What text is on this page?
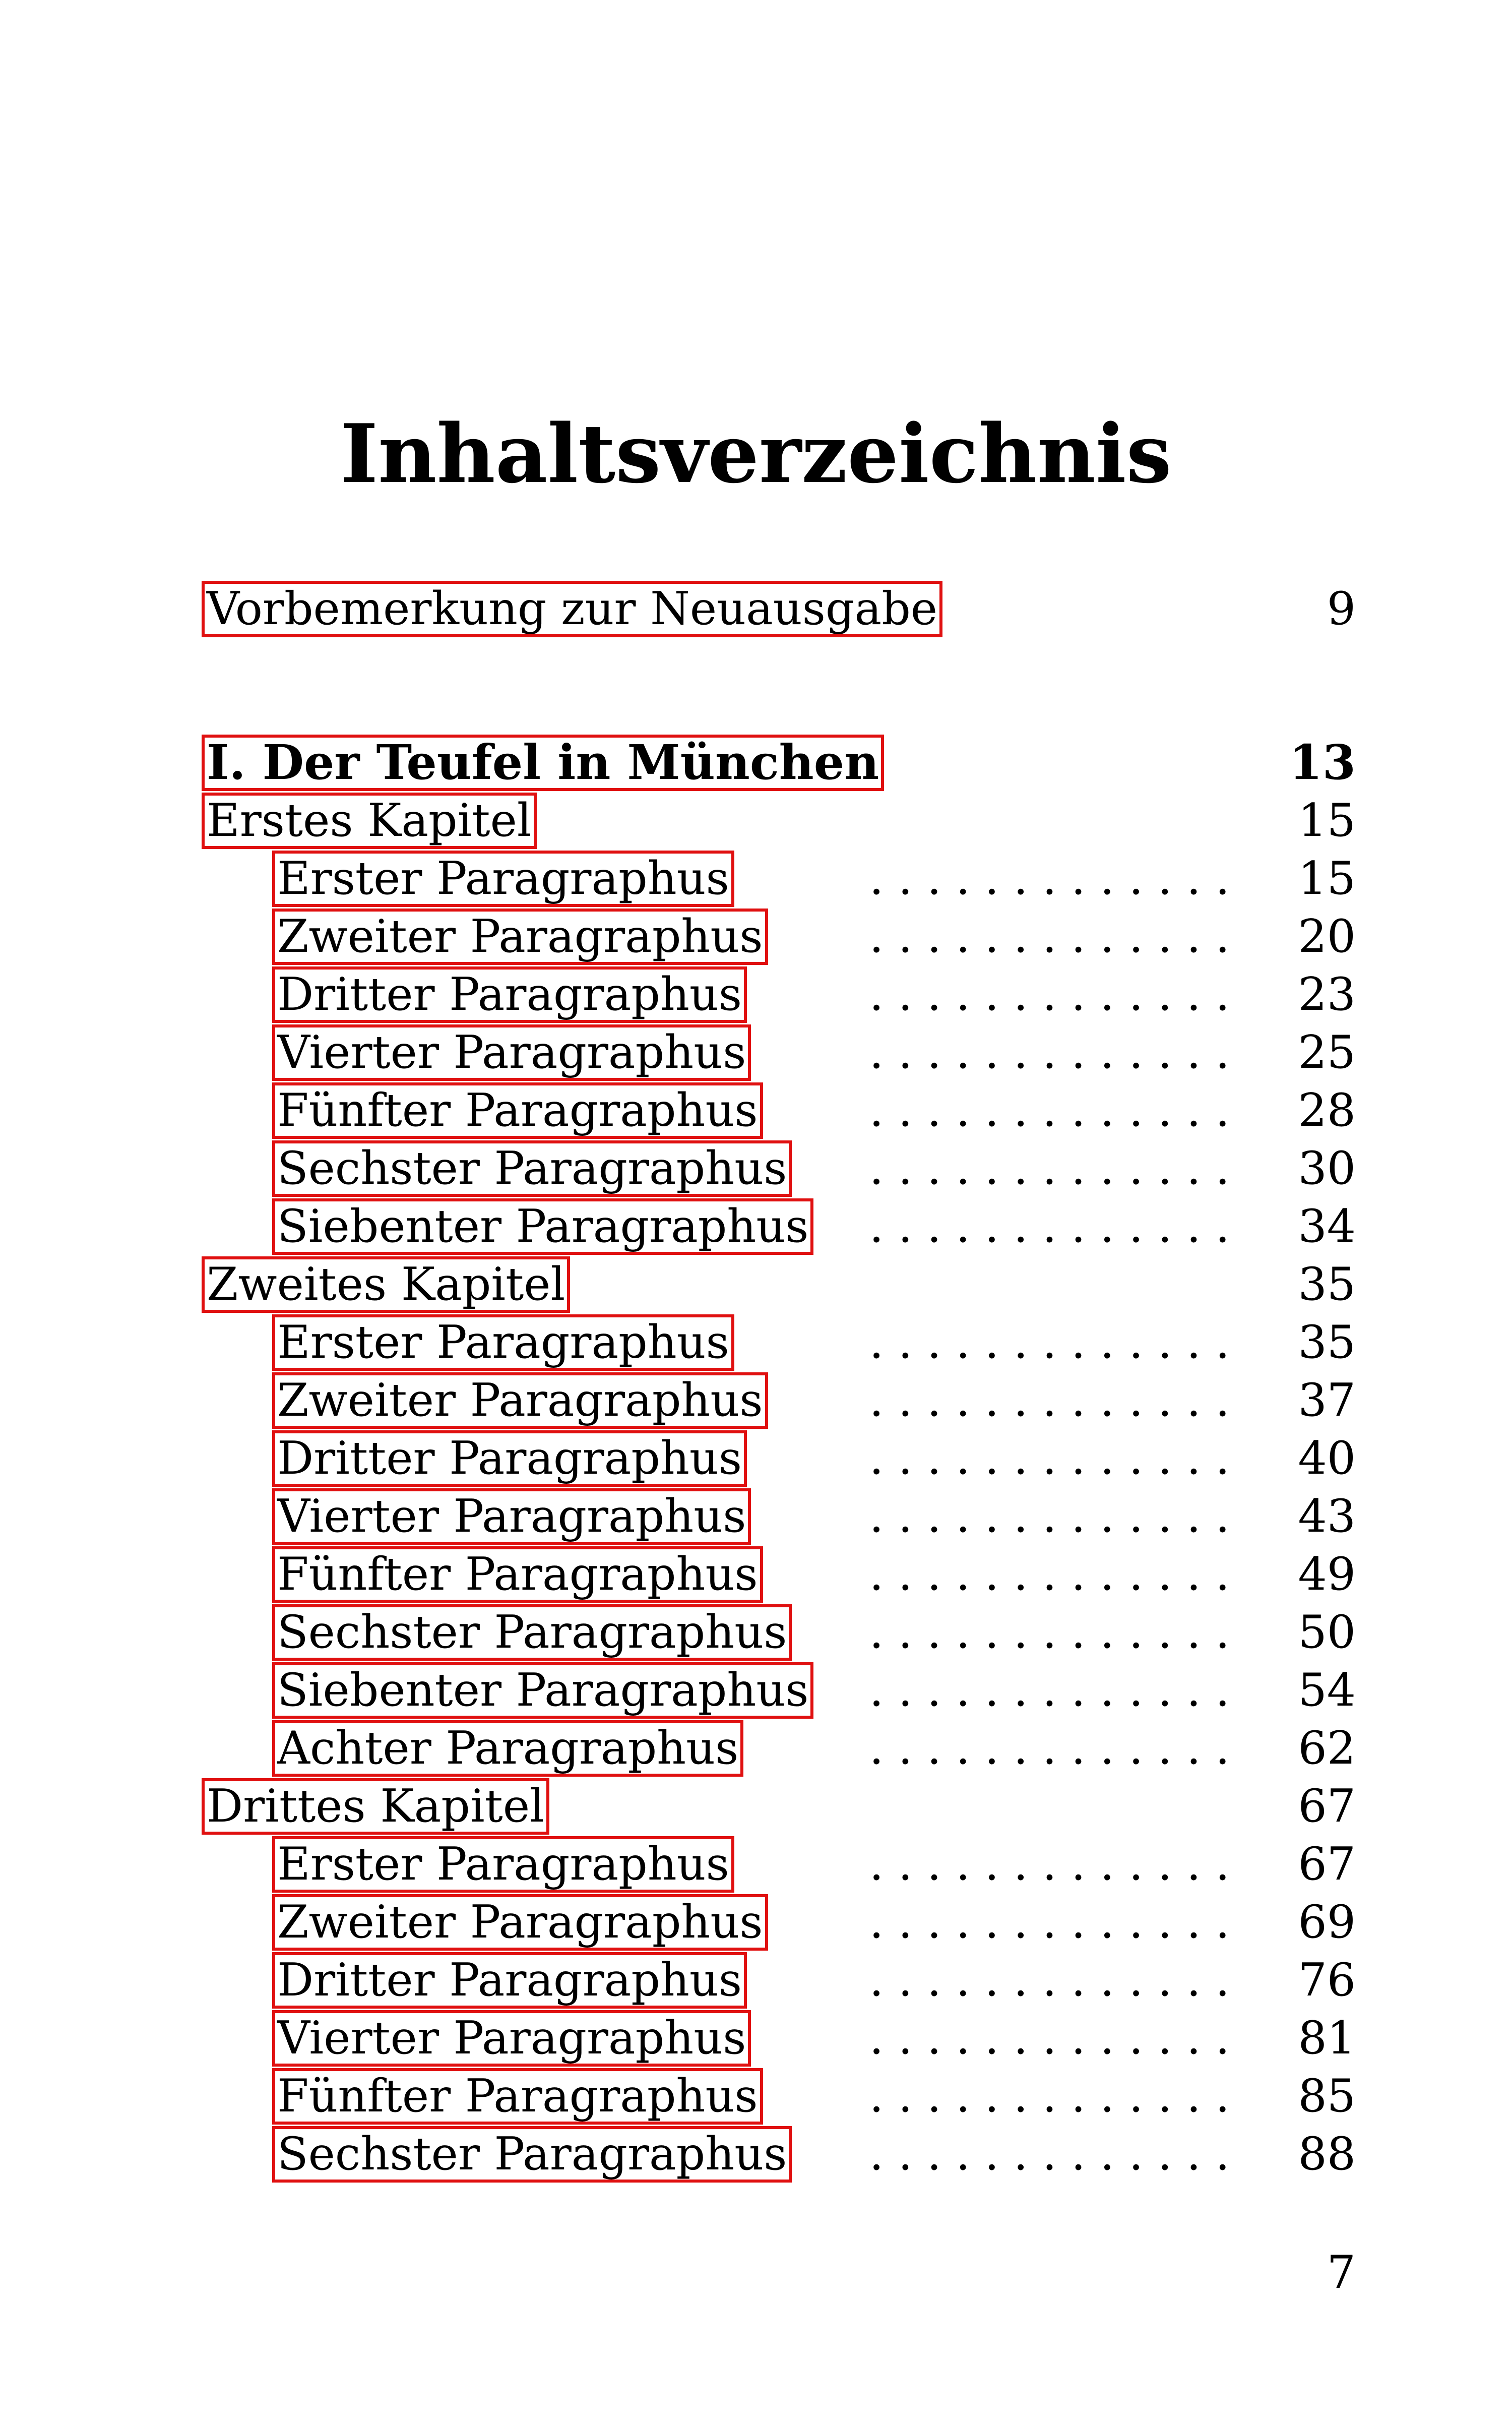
Inhaltsverzeichnis
Vorbemerkung zur Neuausgabe	9
I. Der Teufel in München	13
Erstes Kapitel	15
Erster Paragraphus	. . . . . . . . . . . . . 15
Zweiter Paragraphus . . . . . . . . . . . . . 20
Dritter Paragraphus	. . . . . . . . . . . . . 23
Vierter Paragraphus	. . . . . . . . . . . . . 25
Fünfter Paragraphus . . . . . . . . . . . . . 28
Sechster Paragraphus . . . . . . . . . . . . . 30
Siebenter Paragraphus . . . . . . . . . . . . . 34
Zweites Kapitel	35
Erster Paragraphus	. . . . . . . . . . . . . 35
Zweiter Paragraphus . . . . . . . . . . . . . 37
Dritter Paragraphus	. . . . . . . . . . . . . 40
Vierter Paragraphus	. . . . . . . . . . . . . 43
Fünfter Paragraphus . . . . . . . . . . . . . 49
Sechster Paragraphus . . . . . . . . . . . . . 50
Siebenter Paragraphus . . . . . . . . . . . . . 54
Achter Paragraphus	. . . . . . . . . . . . . 62
Drittes Kapitel	67
Erster Paragraphus	. . . . . . . . . . . . . 67
Zweiter Paragraphus . . . . . . . . . . . . . 69
Dritter Paragraphus	. . . . . . . . . . . . . 76
Vierter Paragraphus	. . . . . . . . . . . . . 81
Fünfter Paragraphus . . . . . . . . . . . . . 85
Sechster Paragraphus . . . . . . . . . . . . . 88
7
